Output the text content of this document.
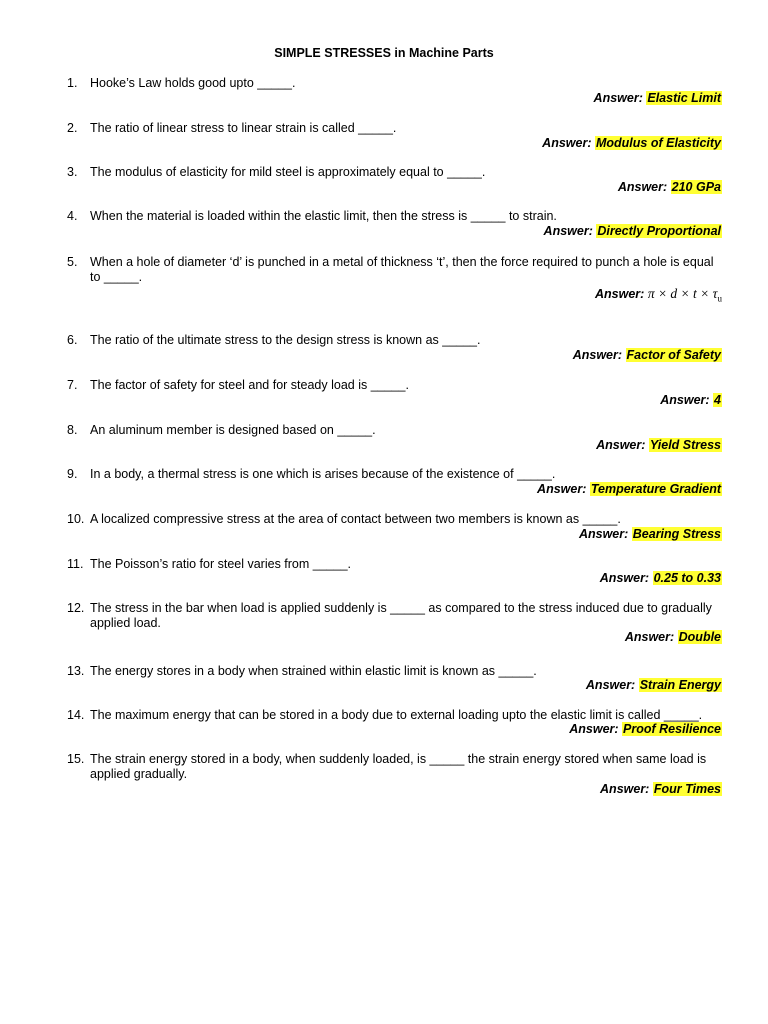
SIMPLE STRESSES in Machine Parts
1. Hooke’s Law holds good upto _____.
Answer: Elastic Limit
2. The ratio of linear stress to linear strain is called _____.
Answer: Modulus of Elasticity
3. The modulus of elasticity for mild steel is approximately equal to _____.
Answer: 210 GPa
4. When the material is loaded within the elastic limit, then the stress is _____ to strain.
Answer: Directly Proportional
5. When a hole of diameter ‘d’ is punched in a metal of thickness ‘t’, then the force required to punch a hole is equal to _____.
Answer: $\pi \times d \times t \times \tau_u$
6. The ratio of the ultimate stress to the design stress is known as _____.
Answer: Factor of Safety
7. The factor of safety for steel and for steady load is _____.
Answer: 4
8. An aluminum member is designed based on _____.
Answer: Yield Stress
9. In a body, a thermal stress is one which is arises because of the existence of _____.
Answer: Temperature Gradient
10. A localized compressive stress at the area of contact between two members is known as _____.
Answer: Bearing Stress
11. The Poisson’s ratio for steel varies from _____.
Answer: 0.25 to 0.33
12. The stress in the bar when load is applied suddenly is _____ as compared to the stress induced due to gradually applied load.
Answer: Double
13. The energy stores in a body when strained within elastic limit is known as _____.
Answer: Strain Energy
14. The maximum energy that can be stored in a body due to external loading upto the elastic limit is called _____.
Answer: Proof Resilience
15. The strain energy stored in a body, when suddenly loaded, is _____ the strain energy stored when same load is applied gradually.
Answer: Four Times
